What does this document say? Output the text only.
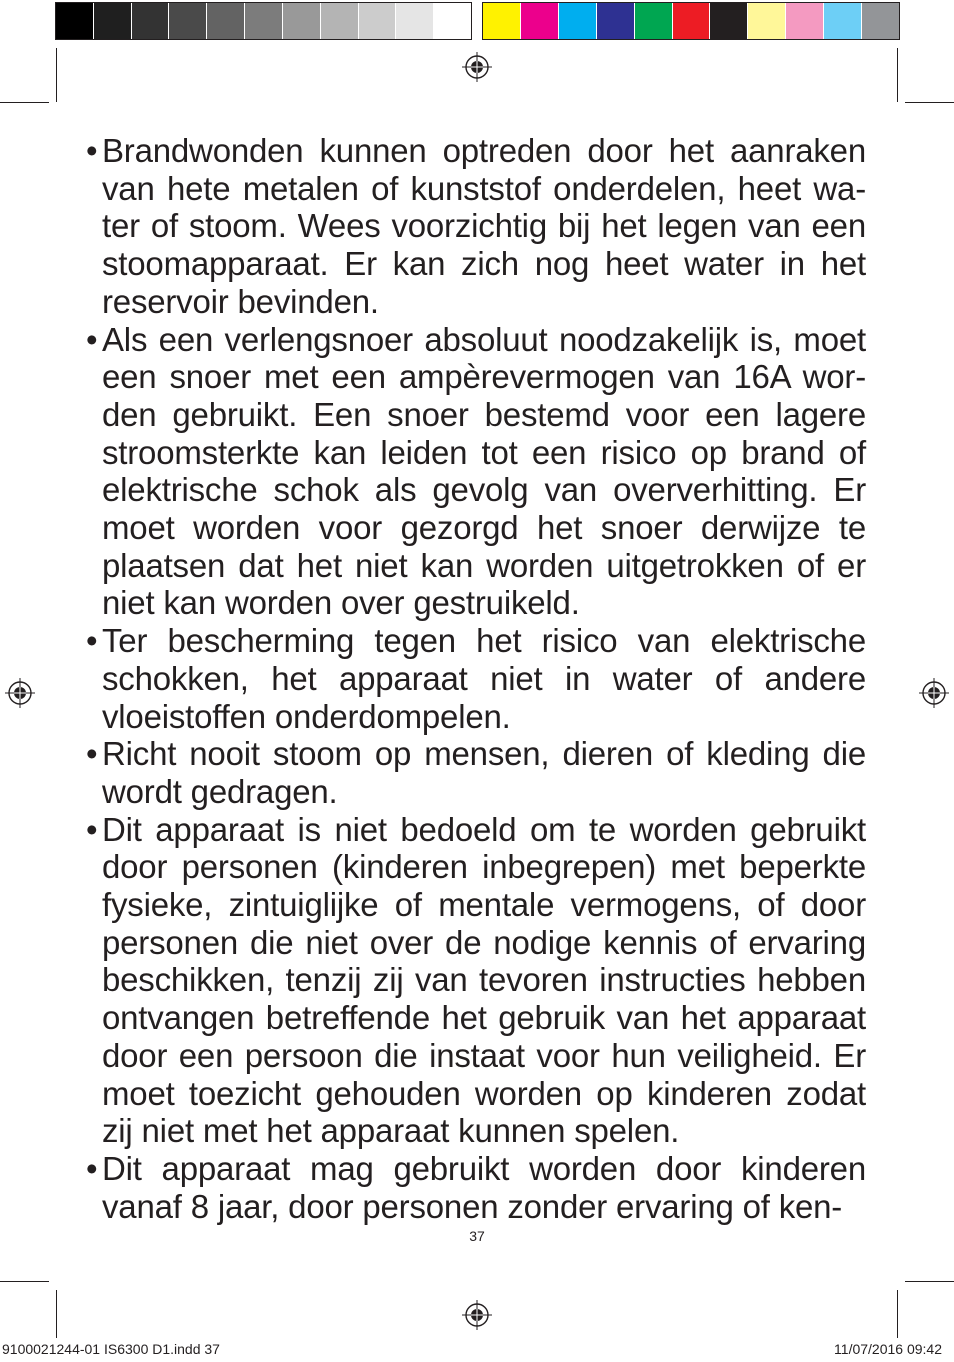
• Brandwonden kunnen optreden door het aanraken van hete metalen of kunststof onderdelen, heet wa-ter of stoom. Wees voorzichtig bij het legen van een stoomapparaat. Er kan zich nog heet water in het reservoir bevinden.
• Als een verlengsnoer absoluut noodzakelijk is, moet een snoer met een ampèrevermogen van 16A wor-den gebruikt. Een snoer bestemd voor een lagere stroomsterkte kan leiden tot een risico op brand of elektrische schok als gevolg van oververhitting. Er moet worden voor gezorgd het snoer derwijze te plaatsen dat het niet kan worden uitgetrokken of er niet kan worden over gestruikeld.
• Ter bescherming tegen het risico van elektrische schokken, het apparaat niet in water of andere vloeistoffen onderdompelen.
• Richt nooit stoom op mensen, dieren of kleding die wordt gedragen.
• Dit apparaat is niet bedoeld om te worden gebruikt door personen (kinderen inbegrepen) met beperkte fysieke, zintuiglijke of mentale vermogens, of door personen die niet over de nodige kennis of ervaring beschikken, tenzij zij van tevoren instructies hebben ontvangen betreffende het gebruik van het apparaat door een persoon die instaat voor hun veiligheid. Er moet toezicht gehouden worden op kinderen zodat zij niet met het apparaat kunnen spelen.
• Dit apparaat mag gebruikt worden door kinderen vanaf 8 jaar, door personen zonder ervaring of ken-
37
9100021244-01 IS6300 D1.indd 37	11/07/2016 09:42
